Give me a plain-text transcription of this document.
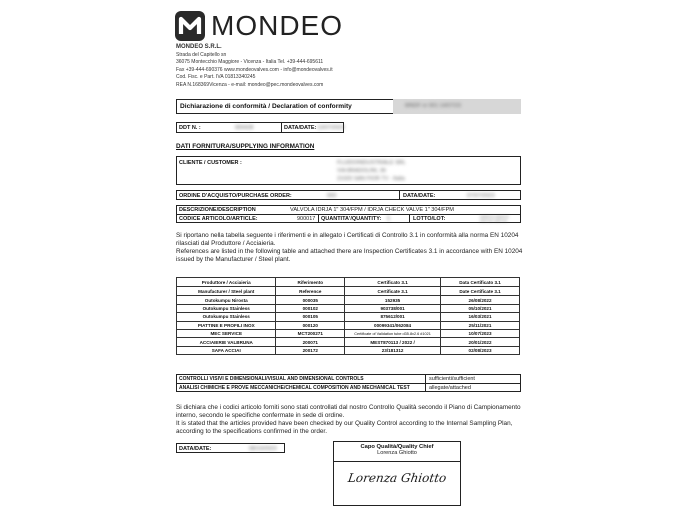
MONDEO
MONDEO S.R.L.
Strada del Capitello sn
36075 Montecchio Maggiore - Vicenza - Italia Tel. +39-444-695611
Fax +39-444-690376 www.mondeovalves.com - info@mondeovalves.it
Cod. Fisc. e Part. IVA 01813340245
REA N.168369Vicenza - e-mail: mondeo@pec.mondeovalves.com
Dichiarazione di conformità / Declaration of conformity	MNDF nr 001 14/07/23
DDT N. :	000428	DATA/DATE: 13/07/2023
DATI FORNITURA/SUPPLYING INFORMATION
CLIENTE / CUSTOMER :	FLUIDOINDUSTRIALE SRL
VIA BRADOLINI, 36
21020 SAN FIOR TV - Italia
ORDINE D'ACQUISTO/PURCHASE ORDER:	000	DATA/DATE:	07/07/2023
DESCRIZIONE/DESCRIPTION	VALVOLA IDRJA 1" 304/FPM / IDRJA CHECK VALVE 1" 304/FPM
CODICE ARTICOLO/ARTICLE:	900017 QUANTITA'/QUANTITY: 5	LOTTO/LOT:	NMDF24 480/F23
0027/23 1607/23
Si riportano nella tabella seguente i riferimenti e in allegato i Certificati di Controllo 3.1 in conformità alla norma EN 10204 rilasciati dal Produttore / Acciaieria.
References are listed in the following table and attached there are Inspection Certificates 3.1 in accordance with EN 10204 issued by the Manufacturer / Steel plant.
Produttore / Acciaieria	Riferimento	Certificato 3.1	Data Certificato 3.1
Manufacturer / Steel plant	Reference	Certificate 3.1	Date Certificate 3.1
Outokumpu Nirosta	000035	152935	26/08/2022
Outokumpu Stainless	000102	903738/001	05/10/2021
Outokumpu Stainless	000105	875612/001	16/03/2021
PIATTINE E PROFILI INOX	000120	00099341/062084	25/11/2021
MEC SERVICE	MCT200271	Certificate of Validation tube d35.8x2.6 #1021	10/07/2023
ACCIAIERIE VALBRUNA	200071	MEST870113 / 2022 /	20/01/2022
SAFA ACCIAI	200172	23/181312	02/08/2023
CONTROLLI VISIVI E DIMENSIONALI/VISUAL AND DIMENSIONAL CONTROLS	sufficienti/sufficient
ANALISI CHIMICHE E PROVE MECCANICHE/CHEMICAL COMPOSITION AND MECHANICAL TEST	allegate/attached
Si dichiara che i codici articolo forniti sono stati controllati dal nostro Controllo Qualità secondo il Piano di Campionamento interno, secondo le specifiche confermate in sede di ordine.
It is stated that the articles provided have been checked by our Quality Control according to the Internal Sampling Plan, according to the specifications confirmed in the order.
DATA/DATE:	08/10/2023	Capo Qualità/Quality Chief
Lorenza Ghiotto
Lorenza Ghiotto
